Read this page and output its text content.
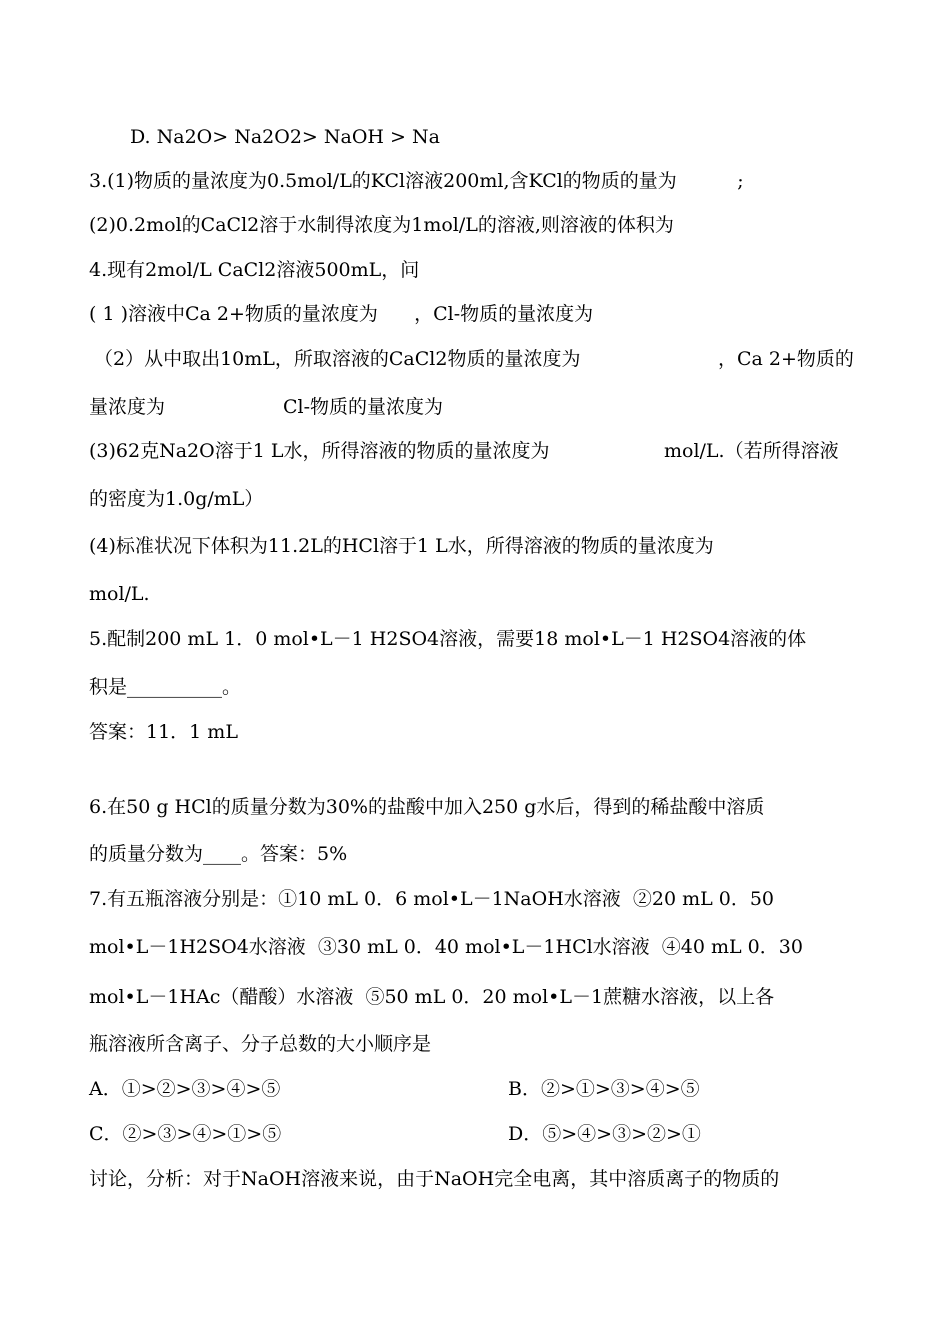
D. Na2O> Na2O2> NaOH > Na
3.(1)物质的量浓度为0.5mol/L的KCl溶液200ml,含KCl的物质的量为          ;
(2)0.2mol的CaCl2溶于水制得浓度为1mol/L的溶液,则溶液的体积为
4.现有2mol/L CaCl2溶液500mL，问
( 1 )溶液中Ca 2+物质的量浓度为      ，Cl-物质的量浓度为
（2）从中取出10mL，所取溶液的CaCl2物质的量浓度为	，Ca 2+物质的
量浓度为	Cl-物质的量浓度为
(3)62克Na2O溶于1 L水，所得溶液的物质的量浓度为	mol/L.（若所得溶液
的密度为1.0g/mL）
(4)标准状况下体积为11.2L的HCl溶于1 L水，所得溶液的物质的量浓度为
mol/L.
5.配制200 mL 1．0 mol•L－1 H2SO4溶液，需要18 mol•L－1 H2SO4溶液的体
积是__________。
答案：11．1 mL
6.在50 g HCl的质量分数为30%的盐酸中加入250 g水后，得到的稀盐酸中溶质
的质量分数为____。答案：5%
7.有五瓶溶液分别是：①10 mL 0．6 mol•L－1NaOH水溶液  ②20 mL 0．50
mol•L－1H2SO4水溶液  ③30 mL 0．40 mol•L－1HCl水溶液  ④40 mL 0．30
mol•L－1HAc（醋酸）水溶液  ⑤50 mL 0．20 mol•L－1蔗糖水溶液，以上各
瓶溶液所含离子、分子总数的大小顺序是
A．①>②>③>④>⑤	B．②>①>③>④>⑤
C．②>③>④>①>⑤	D．⑤>④>③>②>①
讨论，分析：对于NaOH溶液来说，由于NaOH完全电离，其中溶质离子的物质的
